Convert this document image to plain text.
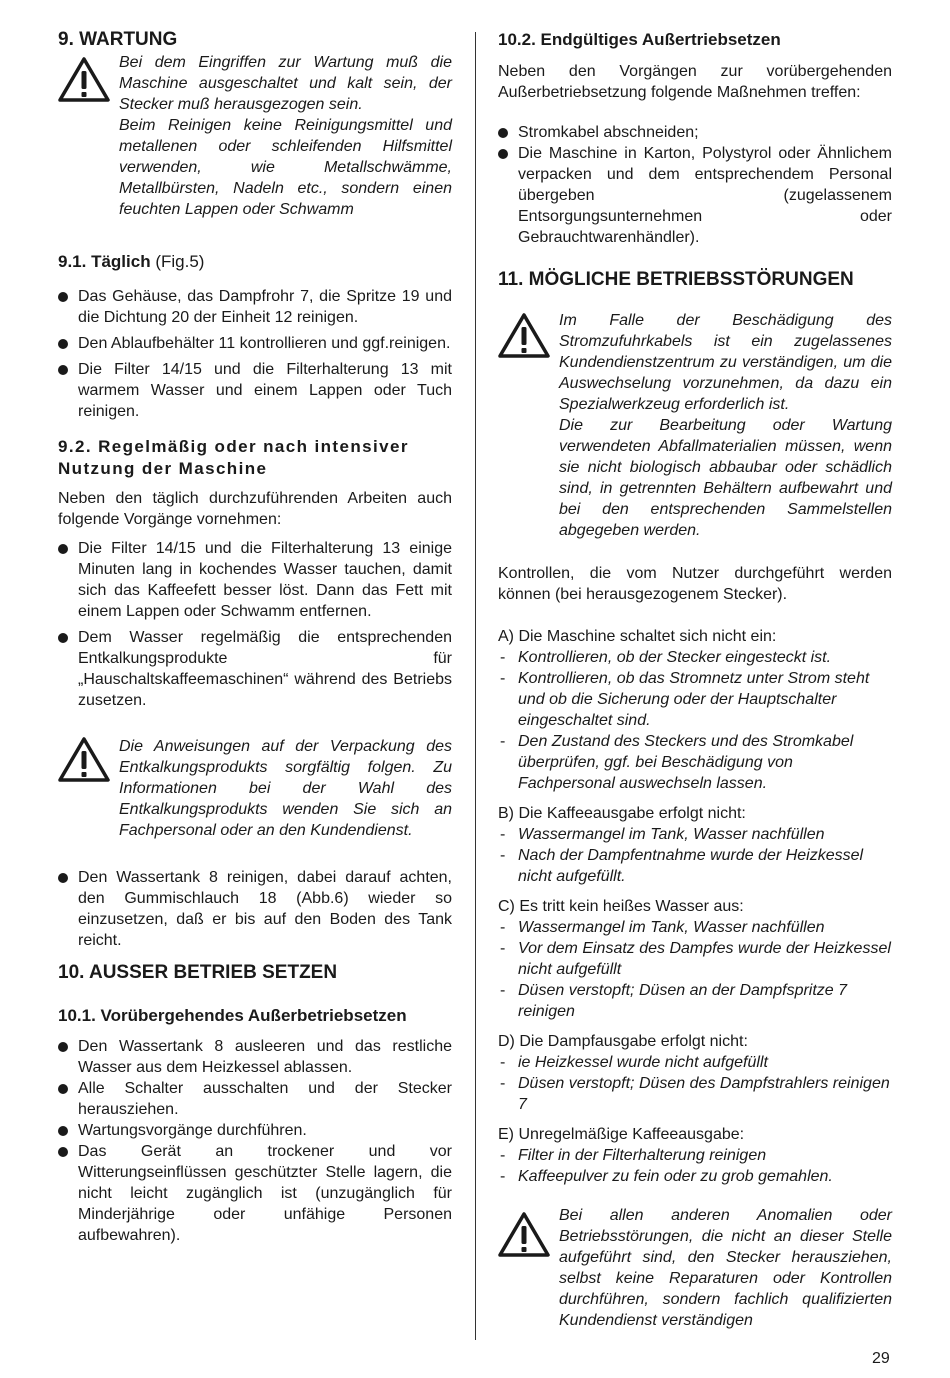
9. WARTUNG

Bei dem Eingriffen zur Wartung muß die Maschine ausgeschaltet und kalt sein, der Stecker muß herausgezogen sein.

Beim Reinigen keine Reinigungsmittel und metallenen oder schleifenden Hilfsmittel verwenden, wie Metallschwämme, Metallbürsten, Nadeln etc., sondern einen feuchten Lappen oder Schwamm

9.1. Täglich (Fig.5)
Das Gehäuse, das Dampfrohr 7, die Spritze 19 und die Dichtung 20 der Einheit 12 reinigen.
Den Ablaufbehälter 11 kontrollieren und ggf.reinigen.
Die Filter 14/15 und die Filterhalterung 13 mit warmem Wasser und einem Lappen oder Tuch reinigen.
9.2. Regelmäßig oder nach intensiver Nutzung der Maschine

Neben den täglich durchzuführenden Arbeiten auch folgende Vorgänge vornehmen:

Die Filter 14/15 und die Filterhalterung 13 einige Minuten lang in kochendes Wasser tauchen, damit sich das Kaffeefett besser löst. Dann das Fett mit einem Lappen oder Schwamm entfernen.
Dem Wasser regelmäßig die entsprechenden Entkalkungsprodukte für „Hauschaltskaffeemaschinen“ während des Betriebs zusetzen.

Die Anweisungen auf der Verpackung des Entkalkungsprodukts sorgfältig folgen. Zu Informationen bei der Wahl des Entkalkungsprodukts wenden Sie sich an Fachpersonal oder an den Kundendienst.

Den Wassertank 8 reinigen, dabei darauf achten, den Gummischlauch 18 (Abb.6) wieder so einzusetzen, daß er bis auf den Boden des Tank reicht.
10. AUSSER BETRIEB SETZEN
10.1. Vorübergehendes Außerbetriebsetzen
Den Wassertank 8 ausleeren und das restliche Wasser aus dem Heizkessel ablassen.
Alle Schalter ausschalten und der Stecker herausziehen.
Wartungsvorgänge durchführen.
Das Gerät an trockener und vor Witterungseinflüssen geschützter Stelle lagern, die nicht leicht zugänglich ist (unzugänglich für Minderjährige oder unfähige Personen aufbewahren).
10.2. Endgültiges Außertriebsetzen

Neben den Vorgängen zur vorübergehenden Außerbetriebsetzung folgende Maßnehmen treffen:

Stromkabel abschneiden;
Die Maschine in Karton, Polystyrol oder Ähnlichem verpacken und dem entsprechendem Personal übergeben (zugelassenem Entsorgungsunternehmen oder Gebrauchtwarenhändler).
11. MÖGLICHE BETRIEBSSTÖRUNGEN

Im Falle der Beschädigung des Stromzufuhrkabels ist ein zugelassenes Kundendienstzentrum zu verständigen, um die Auswechselung vorzunehmen, da dazu ein Spezialwerkzeug erforderlich ist.

Die zur Bearbeitung oder Wartung verwendeten Abfallmaterialien müssen, wenn sie nicht biologisch abbaubar oder schädlich sind, in getrennten Behältern aufbewahrt und bei den entsprechenden Sammelstellen abgegeben werden.

Kontrollen, die vom Nutzer durchgeführt werden können (bei herausgezogenem Stecker).

A) Die Maschine schaltet sich nicht ein:

- Kontrollieren, ob der Stecker eingesteckt ist.
- Kontrollieren, ob das Stromnetz unter Strom steht und ob die Sicherung oder der Hauptschalter eingeschaltet sind.
- Den Zustand des Steckers und des Stromkabel überprüfen, ggf. bei Beschädigung von Fachpersonal auswechseln lassen.

B) Die Kaffeeausgabe erfolgt nicht:

- Wassermangel im Tank, Wasser nachfüllen
- Nach der Dampfentnahme wurde der Heizkessel nicht aufgefüllt.

C) Es tritt kein heißes Wasser aus:

- Wassermangel im Tank, Wasser nachfüllen
- Vor dem Einsatz des Dampfes wurde der Heizkessel nicht aufgefüllt
- Düsen verstopft; Düsen an der Dampfspritze 7 reinigen

D) Die Dampfausgabe erfolgt nicht:

- ie Heizkessel wurde nicht aufgefüllt
- Düsen verstopft; Düsen des Dampfstrahlers reinigen 7

E) Unregelmäßige Kaffeeausgabe:

- Filter in der Filterhalterung reinigen
- Kaffeepulver zu fein oder zu grob gemahlen.

Bei allen anderen Anomalien oder Betriebsstörungen, die nicht an dieser Stelle aufgeführt sind, den Stecker herausziehen, selbst keine Reparaturen oder Kontrollen durchführen, sondern fachlich qualifizierten Kundendienst verständigen

29
